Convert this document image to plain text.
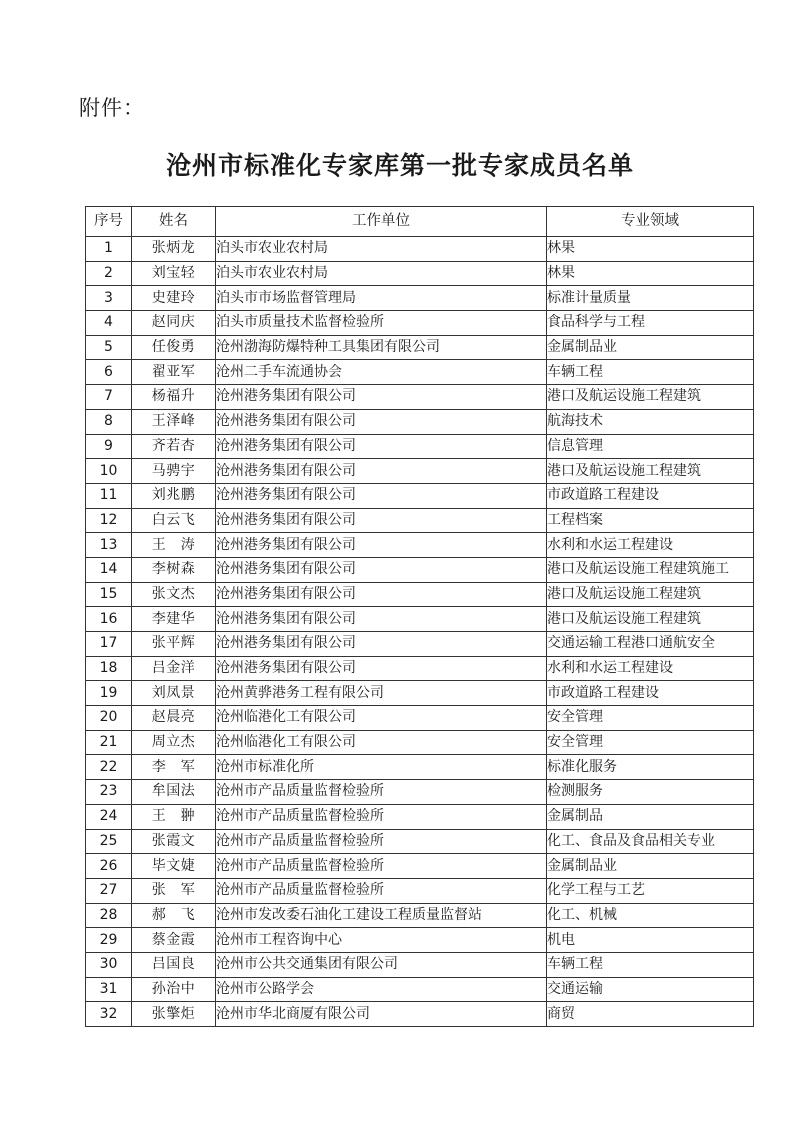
附件：
沧州市标准化专家库第一批专家成员名单
序号	姓名	工作单位	专业领域
1	张炳龙	泊头市农业农村局	林果
2	刘宝轻	泊头市农业农村局	林果
3	史建玲	泊头市市场监督管理局	标准计量质量
4	赵同庆	泊头市质量技术监督检验所	食品科学与工程
5	任俊勇	沧州渤海防爆特种工具集团有限公司	金属制品业
6	翟亚军	沧州二手车流通协会	车辆工程
7	杨福升	沧州港务集团有限公司	港口及航运设施工程建筑
8	王泽峰	沧州港务集团有限公司	航海技术
9	齐若杏	沧州港务集团有限公司	信息管理
10	马骋宇	沧州港务集团有限公司	港口及航运设施工程建筑
11	刘兆鹏	沧州港务集团有限公司	市政道路工程建设
12	白云飞	沧州港务集团有限公司	工程档案
13	王　涛	沧州港务集团有限公司	水利和水运工程建设
14	李树森	沧州港务集团有限公司	港口及航运设施工程建筑施工
15	张文杰	沧州港务集团有限公司	港口及航运设施工程建筑
16	李建华	沧州港务集团有限公司	港口及航运设施工程建筑
17	张平辉	沧州港务集团有限公司	交通运输工程港口通航安全
18	吕金洋	沧州港务集团有限公司	水利和水运工程建设
19	刘凤景	沧州黄骅港务工程有限公司	市政道路工程建设
20	赵晨亮	沧州临港化工有限公司	安全管理
21	周立杰	沧州临港化工有限公司	安全管理
22	李　军	沧州市标准化所	标准化服务
23	牟国法	沧州市产品质量监督检验所	检测服务
24	王　翀	沧州市产品质量监督检验所	金属制品
25	张霞文	沧州市产品质量监督检验所	化工、食品及食品相关专业
26	毕文婕	沧州市产品质量监督检验所	金属制品业
27	张　军	沧州市产品质量监督检验所	化学工程与工艺
28	郝　飞	沧州市发改委石油化工建设工程质量监督站	化工、机械
29	蔡金霞	沧州市工程咨询中心	机电
30	吕国良	沧州市公共交通集团有限公司	车辆工程
31	孙治中	沧州市公路学会	交通运输
32	张擎炬	沧州市华北商厦有限公司	商贸
